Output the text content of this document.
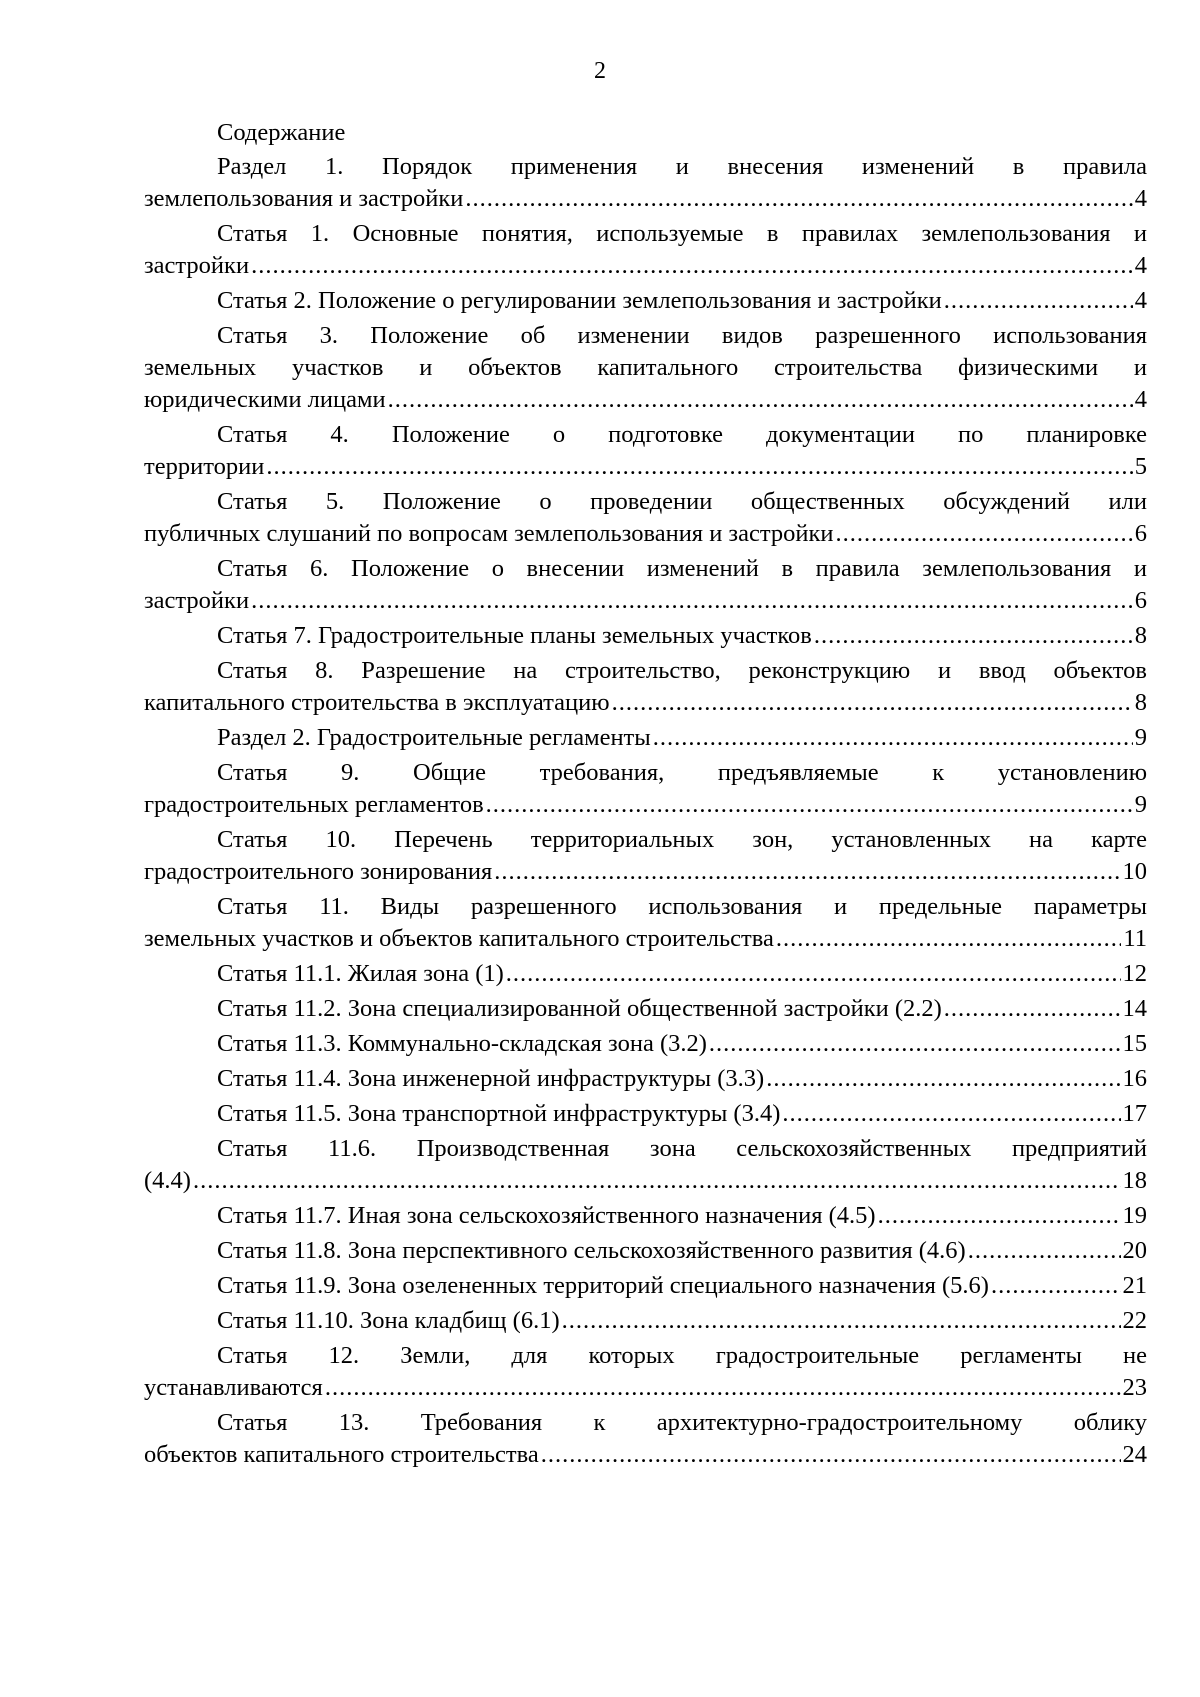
2
Содержание
Раздел 1. Порядок применения и внесения изменений в правила
землепользования и застройки .....	4
Статья 1. Основные понятия, используемые в правилах землепользования и
застройки .....	4
Статья 2. Положение о регулировании землепользования и застройки .....	4
Статья 3. Положение об изменении видов разрешенного использования
земельных участков и объектов капитального строительства физическими и
юридическими лицами .....	4
Статья 4. Положение о подготовке документации по планировке
территории .....	5
Статья 5. Положение о проведении общественных обсуждений или
публичных слушаний по вопросам землепользования и застройки .....	6
Статья 6. Положение о внесении изменений в правила землепользования и
застройки .....	6
Статья 7. Градостроительные планы земельных участков .....	8
Статья 8. Разрешение на строительство, реконструкцию и ввод объектов
капитального строительства в эксплуатацию .....	8
Раздел 2. Градостроительные регламенты .....	9
Статья 9. Общие требования, предъявляемые к установлению
градостроительных регламентов .....	9
Статья 10. Перечень территориальных зон, установленных на карте
градостроительного зонирования .....	10
Статья 11. Виды разрешенного использования и предельные параметры
земельных участков и объектов капитального строительства .....	11
Статья 11.1. Жилая зона (1) .....	12
Статья 11.2. Зона специализированной общественной застройки (2.2) .....	14
Статья 11.3. Коммунально-складская зона (3.2) .....	15
Статья 11.4. Зона инженерной инфраструктуры (3.3) .....	16
Статья 11.5. Зона транспортной инфраструктуры (3.4) .....	17
Статья 11.6. Производственная зона сельскохозяйственных предприятий
(4.4) .....	18
Статья 11.7. Иная зона сельскохозяйственного назначения (4.5) .....	19
Статья 11.8. Зона перспективного сельскохозяйственного развития (4.6) .....	20
Статья 11.9. Зона озелененных территорий специального назначения (5.6) .....	21
Статья 11.10. Зона кладбищ (6.1) .....	22
Статья 12. Земли, для которых градостроительные регламенты не
устанавливаются .....	23
Статья 13. Требования к архитектурно-градостроительному облику
объектов капитального строительства .....	24
